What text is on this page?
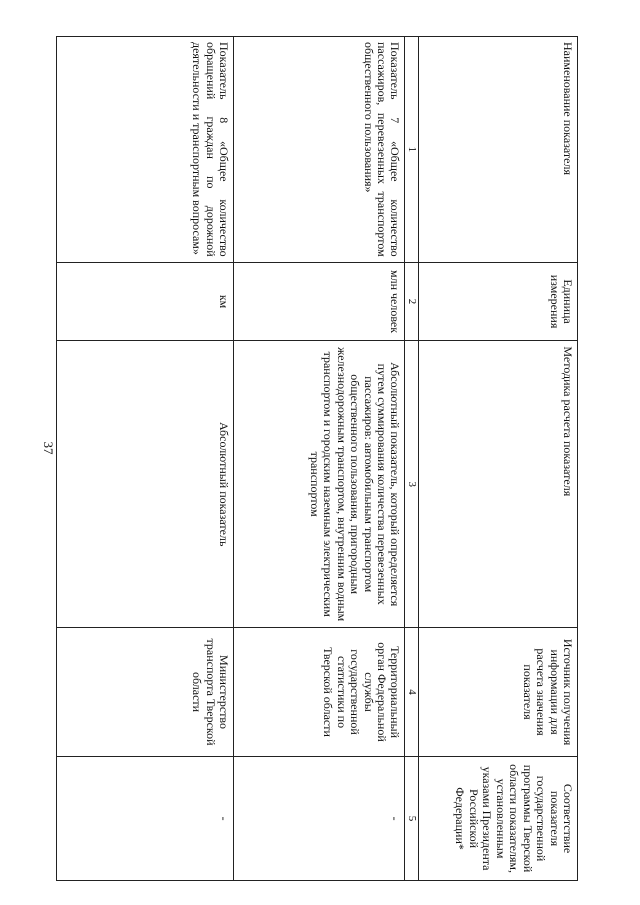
37
Наименование показателя	Единица измерения	Методика расчета показателя	Источник получения информации для расчета значения показателя	Соответствие показателя государственной программы Тверской области показателям, установленным указами Президента Российской Федерации*
1	2	3	4	5
Показатель 7 «Общее количество пассажиров, перевезенных транспортом общественного пользования»	млн человек	Абсолютный показатель, который определяется путем суммирования количества перевезенных пассажиров: автомобильным транспортом общественного пользования, пригородным железнодорожным транспортом, внутренним водным транспортом и городским наземным электрическим транспортом	Территориальный орган Федеральной службы государственной статистики по Тверской области	-
Показатель 8 «Общее количество обращений граждан по дорожной деятельности и транспортным вопросам»	км	Абсолютный показатель	Министерство транспорта Тверской области	-
